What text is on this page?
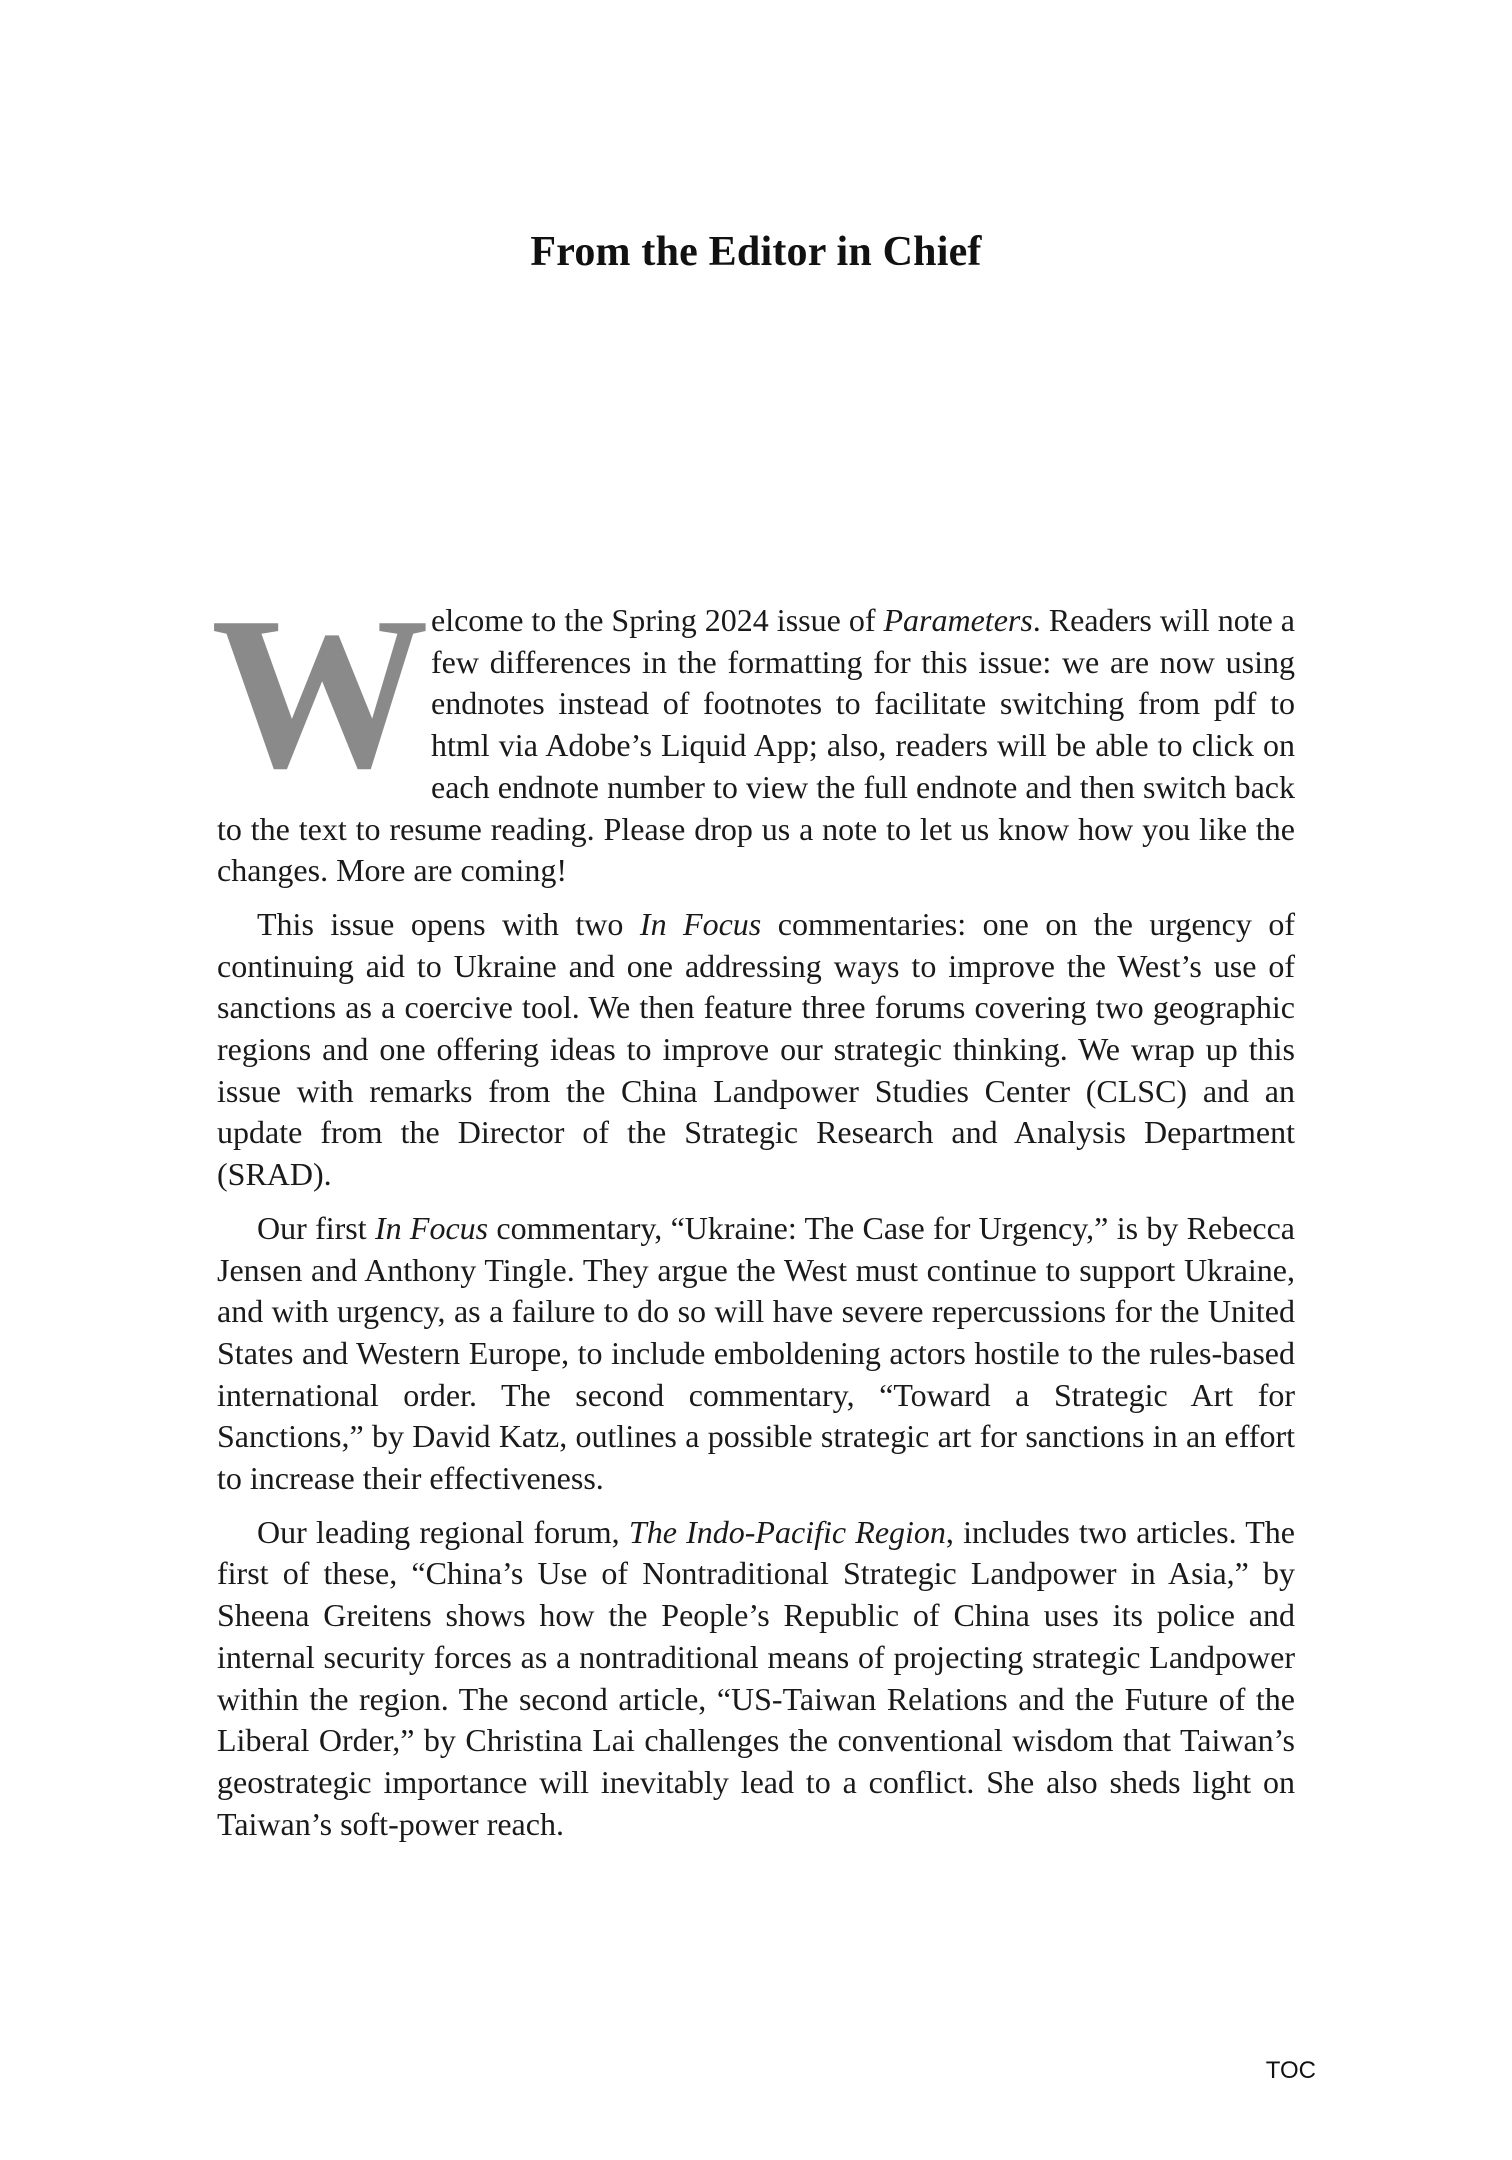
From the Editor in Chief

W elcome to the Spring 2024 issue of Parameters. Readers will note a few differences in the formatting for this issue: we are now using endnotes instead of footnotes to facilitate switching from pdf to html via Adobe’s Liquid App; also, readers will be able to click on each endnote number to view the full endnote and then switch back to the text to resume reading. Please drop us a note to let us know how you like the changes. More are coming!

This issue opens with two In Focus commentaries: one on the urgency of continuing aid to Ukraine and one addressing ways to improve the West’s use of sanctions as a coercive tool. We then feature three forums covering two geographic regions and one offering ideas to improve our strategic thinking. We wrap up this issue with remarks from the China Landpower Studies Center (CLSC) and an update from the Director of the Strategic Research and Analysis Department (SRAD).

Our first In Focus commentary, “Ukraine: The Case for Urgency,” is by Rebecca Jensen and Anthony Tingle. They argue the West must continue to support Ukraine, and with urgency, as a failure to do so will have severe repercussions for the United States and Western Europe, to include emboldening actors hostile to the rules-based international order. The second commentary, “Toward a Strategic Art for Sanctions,” by David Katz, outlines a possible strategic art for sanctions in an effort to increase their effectiveness.

Our leading regional forum, The Indo-Pacific Region, includes two articles. The first of these, “China’s Use of Nontraditional Strategic Landpower in Asia,” by Sheena Greitens shows how the People’s Republic of China uses its police and internal security forces as a nontraditional means of projecting strategic Landpower within the region. The second article, “US-Taiwan Relations and the Future of the Liberal Order,” by Christina Lai challenges the conventional wisdom that Taiwan’s geostrategic importance will inevitably lead to a conflict. She also sheds light on Taiwan’s soft-power reach.

TOC
